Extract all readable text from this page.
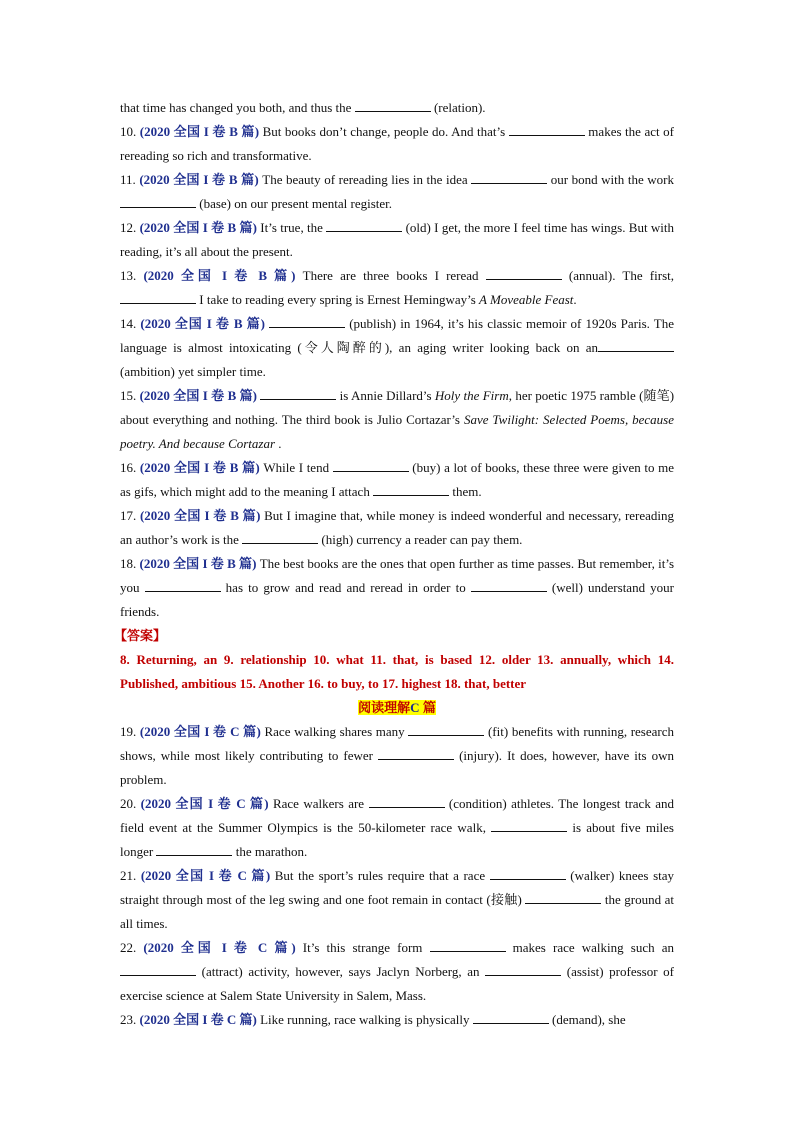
that time has changed you both, and thus the	(relation).

10. (2020 全国 I 卷 B 篇) But books don’t change, people do. And that’s	makes the act of rereading so rich and transformative.

11. (2020 全国 I 卷 B 篇) The beauty of rereading lies in the idea	our bond with the work  (base) on our present mental register.

12. (2020 全国 I 卷 B 篇) It’s true, the	(old) I get, the more I feel time has wings. But with reading, it’s all about the present.

13. (2020 全国 I 卷 B 篇) There are three books I reread	(annual). The first,  I take to reading every spring is Ernest Hemingway’s A Moveable Feast.

14. (2020 全国 I 卷 B 篇)	(publish) in 1964, it’s his classic memoir of 1920s Paris. The language is almost intoxicating (令人陶醉的), an aging writer looking back on an (ambition) yet simpler time.

15. (2020 全国 I 卷 B 篇)	is Annie Dillard’s Holy the Firm, her poetic 1975 ramble (随笔) about everything and nothing. The third book is Julio Cortazar’s Save Twilight: Selected Poems, because poetry. And because Cortazar .

16. (2020 全国 I 卷 B 篇) While I tend	(buy) a lot of books, these three were given to me as gifs, which might add to the meaning I attach	them.

17. (2020 全国 I 卷 B 篇) But I imagine that, while money is indeed wonderful and necessary, rereading an author’s work is the	(high) currency a reader can pay them.

18. (2020 全国 I 卷 B 篇) The best books are the ones that open further as time passes. But remember, it’s you	has to grow and read and reread in order to	(well) understand your friends.

【答案】
8. Returning, an 9. relationship 10. what 11. that, is based 12. older 13. annually, which 14. Published, ambitious 15. Another 16. to buy, to 17. highest 18. that, better
阅读理解C 篇

19. (2020 全国 I 卷 C 篇) Race walking shares many	(fit) benefits with running, research shows, while most likely contributing to fewer	(injury). It does, however, have its own problem.

20. (2020 全国 I 卷 C 篇) Race walkers are	(condition) athletes. The longest track and field event at the Summer Olympics is the 50-kilometer race walk,	is about five miles longer	the marathon.

21. (2020 全国 I 卷 C 篇) But the sport’s rules require that a race	(walker) knees stay straight through most of the leg swing and one foot remain in contact (接触)	the ground at all times.

22. (2020 全国 I 卷 C 篇) It’s this strange form	makes race walking such an  (attract) activity, however, says Jaclyn Norberg, an	(assist) professor of exercise science at Salem State University in Salem, Mass.

23. (2020 全国 I 卷 C 篇) Like running, race walking is physically	(demand), she
